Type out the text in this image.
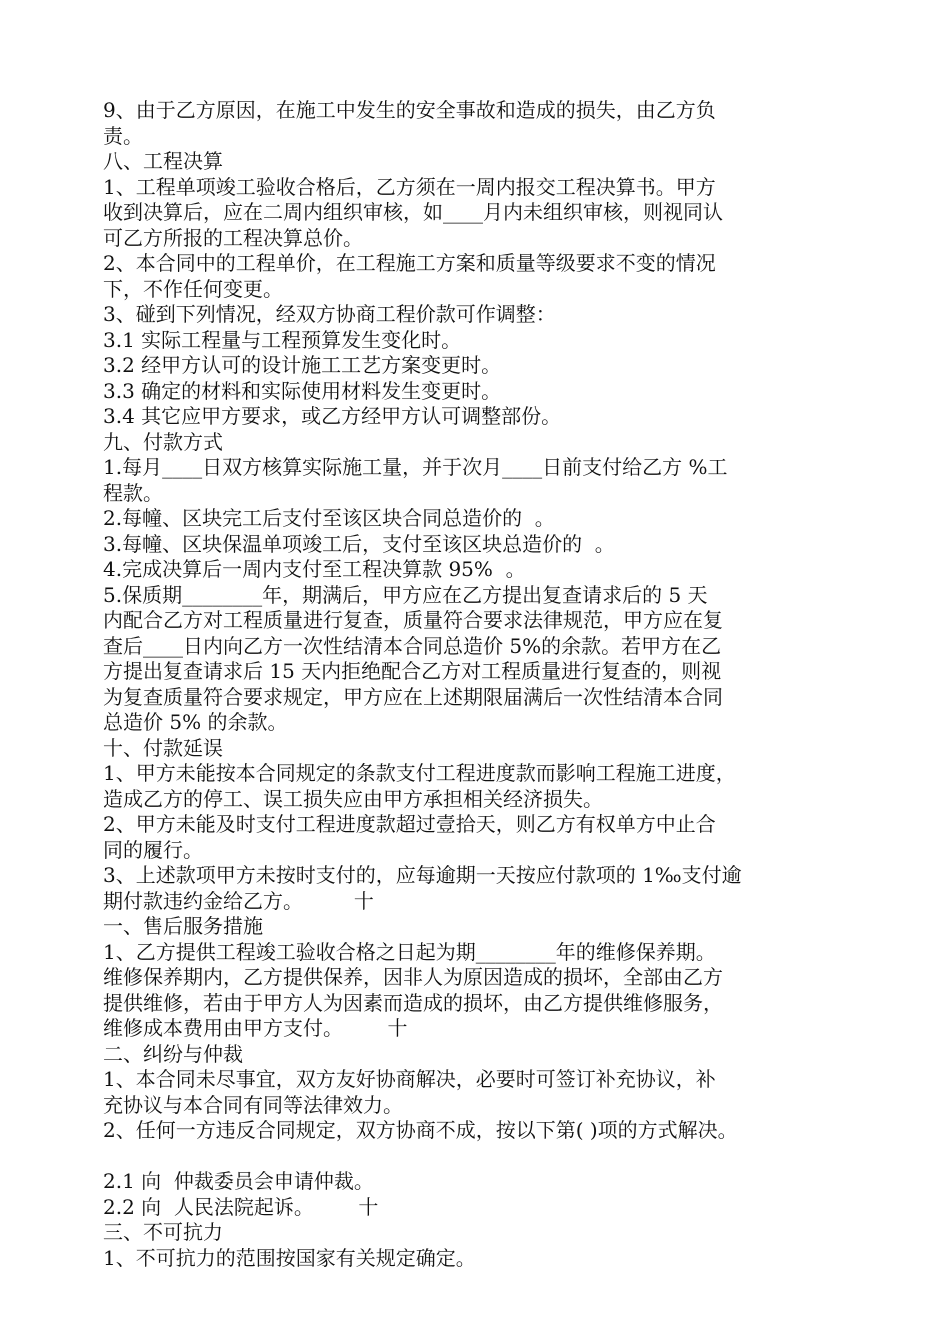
9、由于乙方原因，在施工中发生的安全事故和造成的损失，由乙方负
责。
八、工程决算
1、工程单项竣工验收合格后，乙方须在一周内报交工程决算书。甲方
收到决算后，应在二周内组织审核，如____月内未组织审核，则视同认
可乙方所报的工程决算总价。
2、本合同中的工程单价，在工程施工方案和质量等级要求不变的情况
下，不作任何变更。
3、碰到下列情况，经双方协商工程价款可作调整：
3.1 实际工程量与工程预算发生变化时。
3.2 经甲方认可的设计施工工艺方案变更时。
3.3 确定的材料和实际使用材料发生变更时。
3.4 其它应甲方要求，或乙方经甲方认可调整部份。
九、付款方式
1.每月____日双方核算实际施工量，并于次月____日前支付给乙方 %工
程款。
2.每幢、区块完工后支付至该区块合同总造价的  。
3.每幢、区块保温单项竣工后，支付至该区块总造价的  。
4.完成决算后一周内支付至工程决算款 95%  。
5.保质期________年，期满后，甲方应在乙方提出复查请求后的 5 天
内配合乙方对工程质量进行复查，质量符合要求法律规范，甲方应在复
查后____日内向乙方一次性结清本合同总造价 5%的余款。若甲方在乙
方提出复查请求后 15 天内拒绝配合乙方对工程质量进行复查的，则视
为复查质量符合要求规定，甲方应在上述期限届满后一次性结清本合同
总造价 5% 的余款。
十、付款延误
1、甲方未能按本合同规定的条款支付工程进度款而影响工程施工进度，
造成乙方的停工、误工损失应由甲方承担相关经济损失。
2、甲方未能及时支付工程进度款超过壹拾天，则乙方有权单方中止合
同的履行。
3、上述款项甲方未按时支付的，应每逾期一天按应付款项的 1‰支付逾
期付款违约金给乙方。        十
一、售后服务措施
1、乙方提供工程竣工验收合格之日起为期________年的维修保养期。
维修保养期内，乙方提供保养，因非人为原因造成的损坏，全部由乙方
提供维修，若由于甲方人为因素而造成的损坏，由乙方提供维修服务，
维修成本费用由甲方支付。       十
二、纠纷与仲裁
1、本合同未尽事宜，双方友好协商解决，必要时可签订补充协议，补
充协议与本合同有同等法律效力。
2、任何一方违反合同规定，双方协商不成，按以下第( )项的方式解决。
2.1 向  仲裁委员会申请仲裁。
2.2 向  人民法院起诉。       十
三、不可抗力
1、不可抗力的范围按国家有关规定确定。
